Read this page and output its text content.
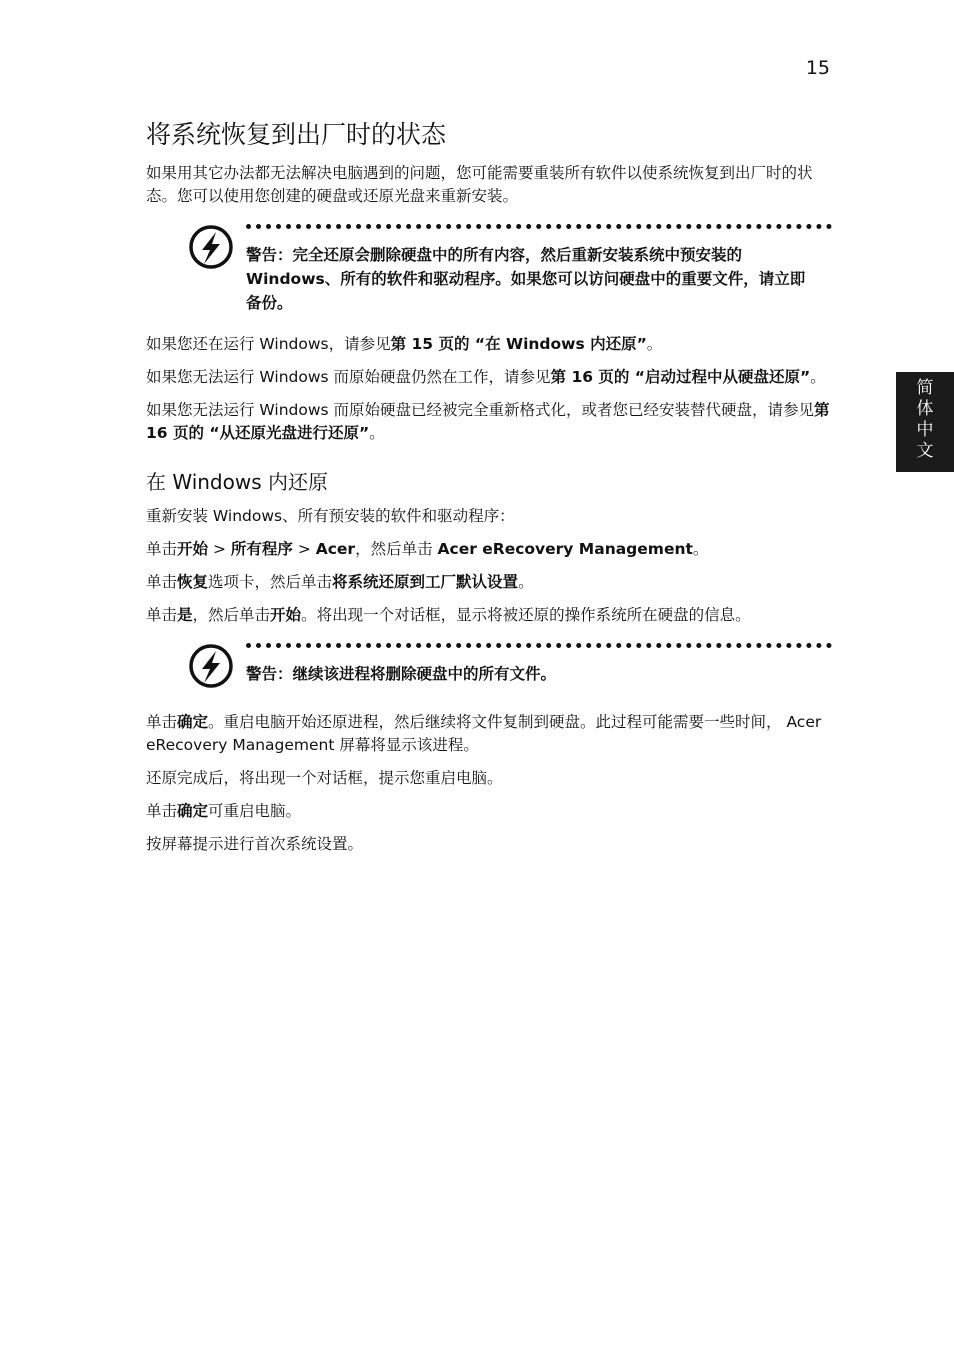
15
简
体
中
文
将系统恢复到出厂时的状态

如果用其它办法都无法解决电脑遇到的问题，您可能需要重装所有软件以使系统恢复到出厂时的状态。您可以使用您创建的硬盘或还原光盘来重新安装。

警告：完全还原会删除硬盘中的所有内容，然后重新安装系统中预安装的 Windows、所有的软件和驱动程序。如果您可以访问硬盘中的重要文件，请立即备份。

如果您还在运行 Windows，请参见第 15 页的 “在 Windows 内还原”。

如果您无法运行 Windows 而原始硬盘仍然在工作，请参见第 16 页的 “启动过程中从硬盘还原”。

如果您无法运行 Windows 而原始硬盘已经被完全重新格式化，或者您已经安装替代硬盘，请参见第 16 页的 “从还原光盘进行还原”。

在 Windows 内还原

重新安装 Windows、所有预安装的软件和驱动程序：

单击开始 > 所有程序 > Acer，然后单击 Acer eRecovery Management。

单击恢复选项卡，然后单击将系统还原到工厂默认设置。

单击是，然后单击开始。将出现一个对话框，显示将被还原的操作系统所在硬盘的信息。

警告：继续该进程将删除硬盘中的所有文件。

单击确定。重启电脑开始还原进程，然后继续将文件复制到硬盘。此过程可能需要一些时间， Acer eRecovery Management 屏幕将显示该进程。

还原完成后，将出现一个对话框，提示您重启电脑。

单击确定可重启电脑。

按屏幕提示进行首次系统设置。
